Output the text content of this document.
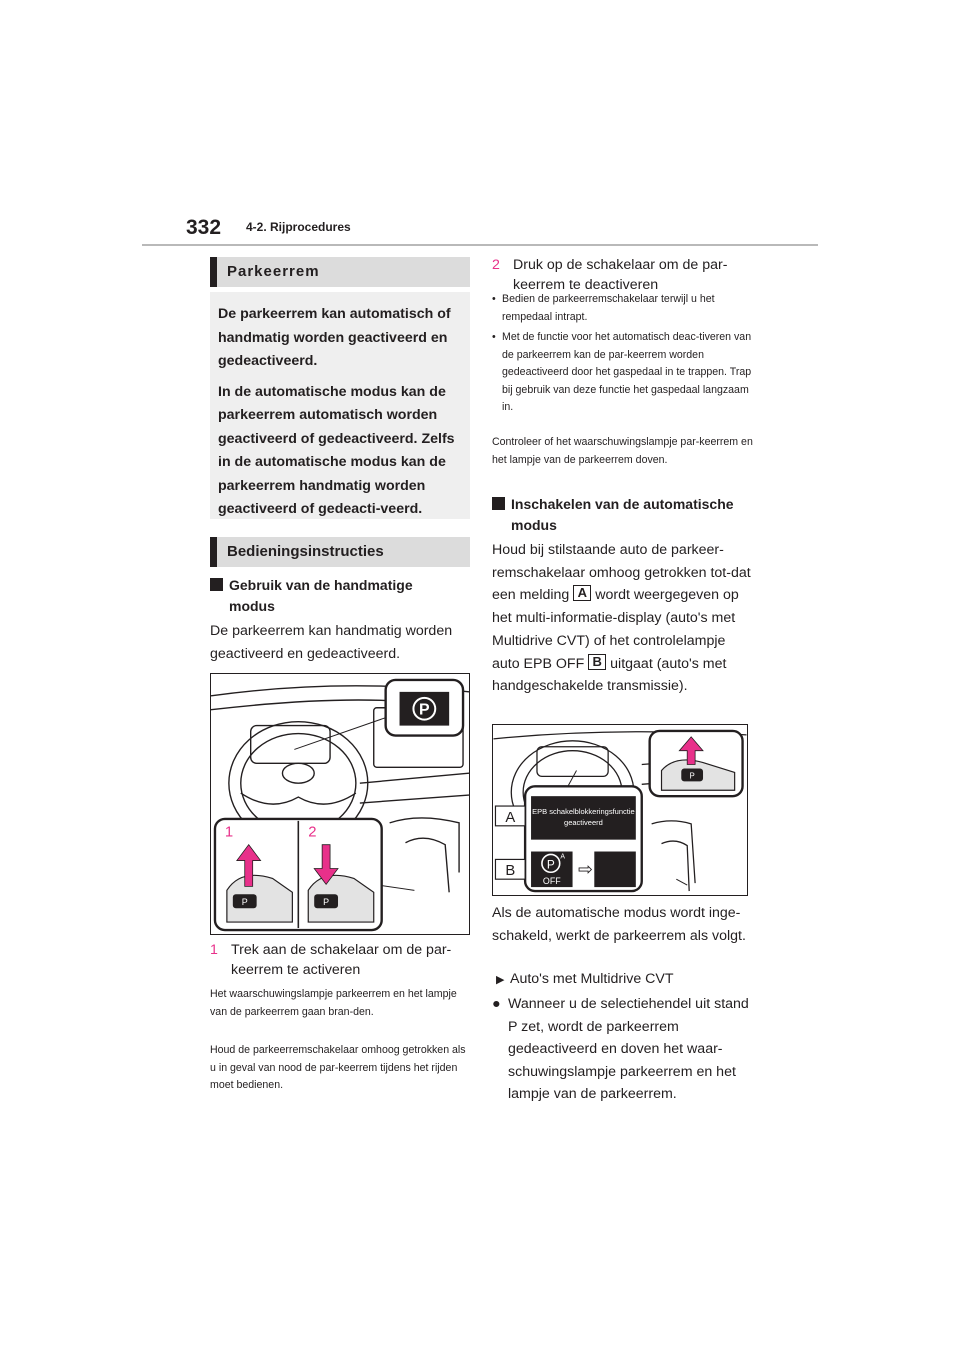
332 4-2. Rijprocedures
Parkeerrem

De parkeerrem kan automatisch of handmatig worden geactiveerd en gedeactiveerd.

In de automatische modus kan de parkeerrem automatisch worden geactiveerd of gedeactiveerd. Zelfs in de automatische modus kan de parkeerrem handmatig worden geactiveerd of gedeacti-veerd.

Bedieningsinstructies
Gebruik van de handmatige
modus
De parkeerrem kan handmatig worden geactiveerd en gedeactiveerd.
P
1	2
P	P
1 Trek aan de schakelaar om de par-keerrem te activeren
Het waarschuwingslampje parkeerrem en het lampje van de parkeerrem gaan bran-den.
Houd de parkeerremschakelaar omhoog getrokken als u in geval van nood de par-keerrem tijdens het rijden moet bedienen.
2 Druk op de schakelaar om de par-keerrem te deactiveren
• Bedien de parkeerremschakelaar terwijl u het rempedaal intrapt.
• Met de functie voor het automatisch deac-tiveren van de parkeerrem kan de par-keerrem worden gedeactiveerd door het gaspedaal in te trappen. Trap bij gebruik van deze functie het gaspedaal langzaam in.
Controleer of het waarschuwingslampje par-keerrem en het lampje van de parkeerrem doven.
Inschakelen van de automatische
modus
Houd bij stilstaande auto de parkeer-remschakelaar omhoog getrokken tot-dat een melding A wordt weergegeven op het multi-informatie-display (auto's met Multidrive CVT) of het controlelampje auto EPB OFF B uitgaat (auto's met handgeschakelde transmissie).
P
A
B
EPB schakelblokkeringsfunctie
geactiveerd
P
A
OFF
⇨
Als de automatische modus wordt inge-schakeld, werkt de parkeerrem als volgt.
▶ Auto's met Multidrive CVT
● Wanneer u de selectiehendel uit stand P zet, wordt de parkeerrem gedeactiveerd en doven het waar-schuwingslampje parkeerrem en het lampje van de parkeerrem.
